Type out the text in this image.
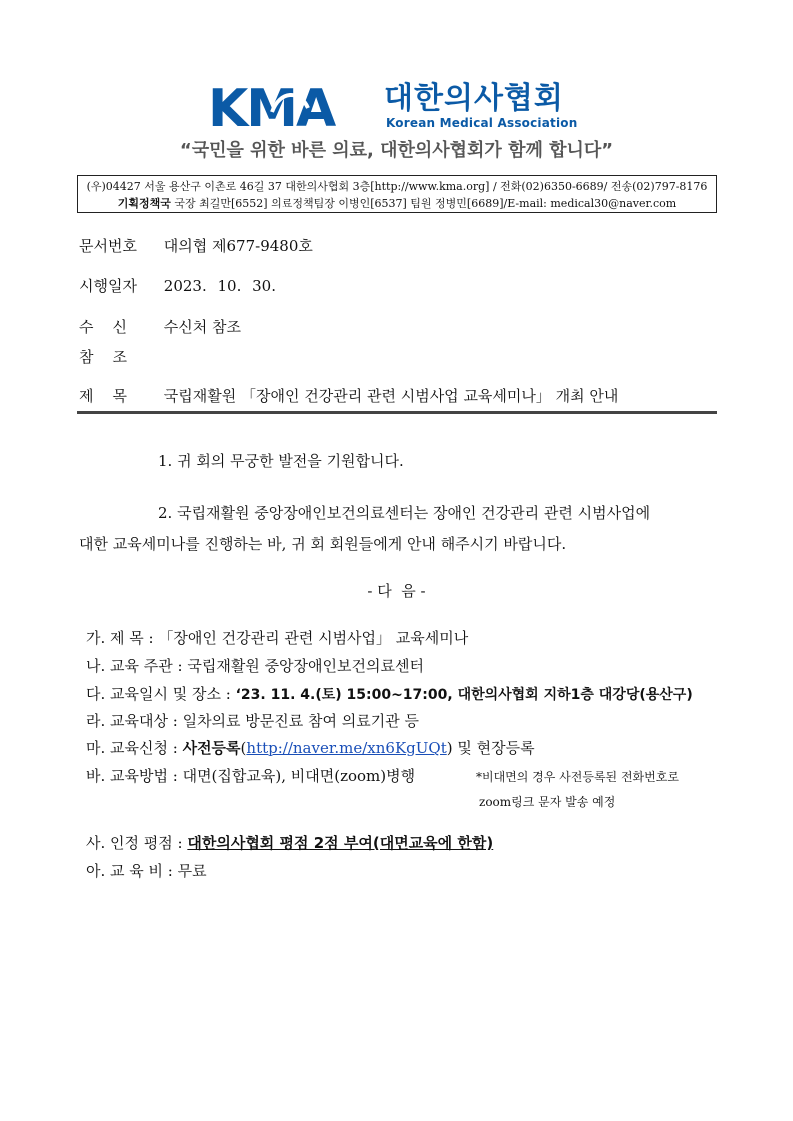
KMA 대한의사협회
Korean Medical Association
“국민을 위한 바른 의료, 대한의사협회가 함께 합니다”
(우)04427 서울 용산구 이촌로 46길 37 대한의사협회 3층[http://www.kma.org] / 전화(02)6350-6689/ 전송(02)797-8176
기획정책국 국장 최길만[6552] 의료정책팀장 이병인[6537] 팀원 정병민[6689]/E-mail: medical30@naver.com
문서번호 대의협 제677-9480호
시행일자 2023. 10. 30.
수    신 수신처 참조
참    조
제    목 국립재활원 「장애인 건강관리 관련 시범사업 교육세미나」 개최 안내
1. 귀 회의 무궁한 발전을 기원합니다.
2. 국립재활원 중앙장애인보건의료센터는 장애인 건강관리 관련 시범사업에
대한 교육세미나를 진행하는 바, 귀 회 회원들에게 안내 해주시기 바랍니다.
- 다  음 -
가. 제 목 : 「장애인 건강관리 관련 시범사업」 교육세미나
나. 교육 주관 : 국립재활원 중앙장애인보건의료센터
다. 교육일시 및 장소 : ‘23. 11. 4.(토) 15:00~17:00, 대한의사협회 지하1층 대강당(용산구)
라. 교육대상 : 일차의료 방문진료 참여 의료기관 등
마. 교육신청 : 사전등록(http://naver.me/xn6KgUQt) 및 현장등록
바. 교육방법 : 대면(집합교육), 비대면(zoom)병행	*비대면의 경우 사전등록된 전화번호로
zoom링크 문자 발송 예정
사. 인정 평점 : 대한의사협회 평점 2점 부여(대면교육에 한함)
아. 교 육 비 : 무료
